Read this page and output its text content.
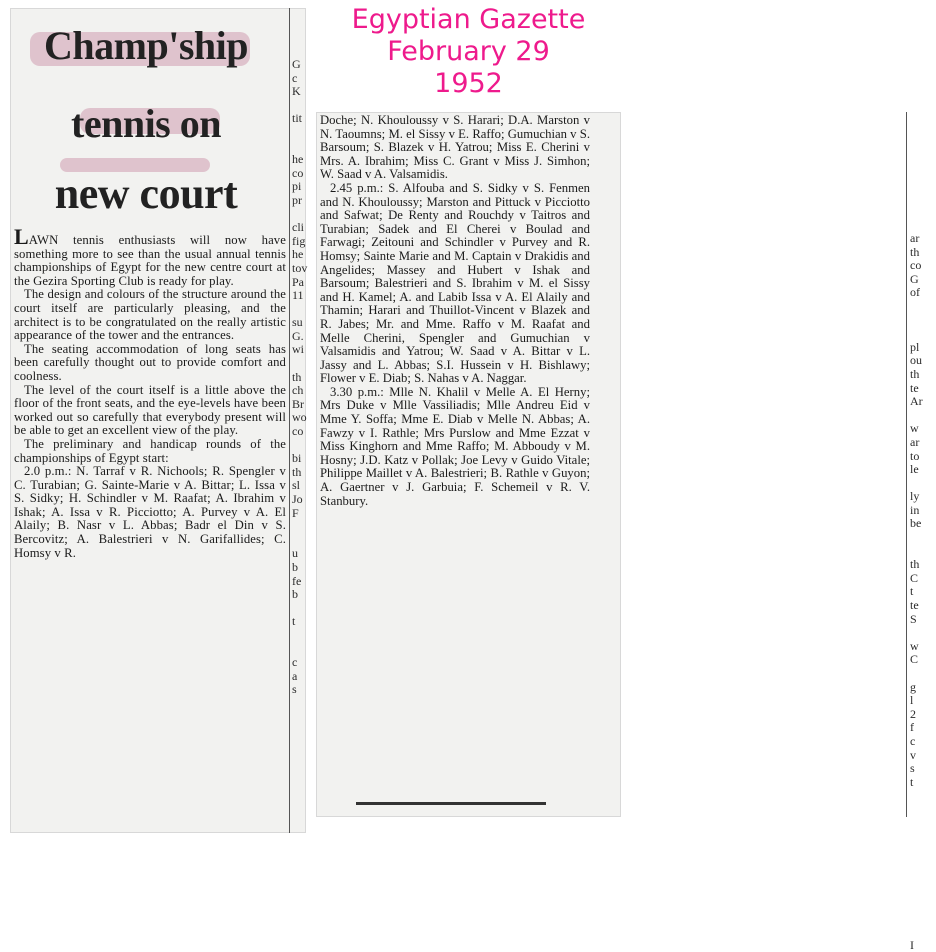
Champ'ship
tennis on
new court

LAWN tennis enthusiasts will now have something more to see than the usual annual tennis championships of Egypt for the new centre court at the Gezira Sporting Club is ready for play.

The design and colours of the structure around the court itself are particularly pleasing, and the architect is to be congratulated on the really artistic appearance of the tower and the entrances.

The seating accommodation of long seats has been carefully thought out to provide comfort and coolness.

The level of the court itself is a little above the floor of the front seats, and the eye-levels have been worked out so carefully that everybody present will be able to get an excellent view of the play.

The preliminary and handicap rounds of the championships of Egypt start:

2.0 p.m.: N. Tarraf v R. Nichools; R. Spengler v C. Turabian; G. Sainte-Marie v A. Bittar; L. Issa v S. Sidky; H. Schindler v M. Raafat; A. Ibrahim v Ishak; A. Issa v R. Picciotto; A. Purvey v A. El Alaily; B. Nasr v L. Abbas; Badr el Din v S. Bercovitz; A. Balestrieri v N. Garifallides; C. Homsy v R.

G
c
K

tit

he
co
pi
pr

cli
fig
he
tov
Pa
11

su
G.
wi

th
ch
Br
wo
co

bi
th
sl
Jo
F

u
b
fe
b

t

c
a
s
Egyptian Gazette
February 29
1952

Doche; N. Khouloussy v S. Harari; D.A. Marston v N. Taoumns; M. el Sissy v E. Raffo; Gumuchian v S. Barsoum; S. Blazek v H. Yatrou; Miss E. Cherini v Mrs. A. Ibrahim; Miss C. Grant v Miss J. Simhon; W. Saad v A. Valsamidis.

2.45 p.m.: S. Alfouba and S. Sidky v S. Fenmen and N. Khouloussy; Marston and Pittuck v Picciotto and Safwat; De Renty and Rouchdy v Taitros and Turabian; Sadek and El Cherei v Boulad and Farwagi; Zeitouni and Schindler v Purvey and R. Homsy; Sainte Marie and M. Captain v Drakidis and Angelides; Massey and Hubert v Ishak and Barsoum; Balestrieri and S. Ibrahim v M. el Sissy and H. Kamel; A. and Labib Issa v A. El Alaily and Thamin; Harari and Thuillot-Vincent v Blazek and R. Jabes; Mr. and Mme. Raffo v M. Raafat and Melle Cherini, Spengler and Gumuchian v Valsamidis and Yatrou; W. Saad v A. Bittar v L. Jassy and L. Abbas; S.I. Hussein v H. Bishlawy; Flower v E. Diab; S. Nahas v A. Naggar.

3.30 p.m.: Mlle N. Khalil v Melle A. El Herny; Mrs Duke v Mlle Vassiliadis; Mlle Andreu Eid v Mme Y. Soffa; Mme E. Diab v Melle N. Abbas; A. Fawzy v I. Rathle; Mrs Purslow and Mme Ezzat v Miss Kinghorn and Mme Raffo; M. Abboudy v M. Hosny; J.D. Katz v Pollak; Joe Levy v Guido Vitale; Philippe Maillet v A. Balestrieri; B. Rathle v Guyon; A. Gaertner v J. Garbuia; F. Schemeil v R. V. Stanbury.

ar
th
co
G
of

pl
ou
th
te
Ar

w
ar
to
le

ly
in
be

th
C
t
te
S

w
C

g
l
2
f
c
v
s
t

I
